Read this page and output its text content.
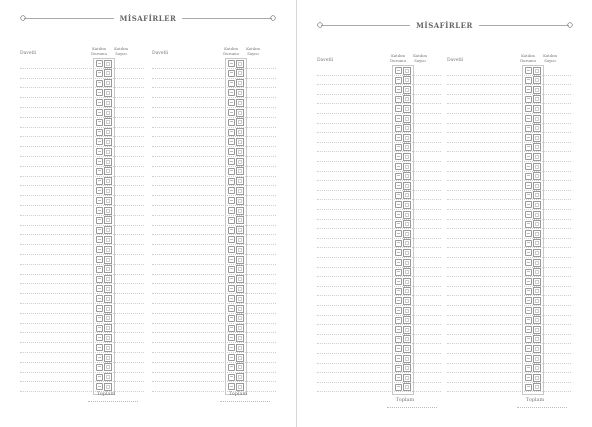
MİSAFİRLER
Davetli
Katılım Durumu
Katılım Sayısı
Toplam
Davetli
Katılım Durumu
Katılım Sayısı
Toplam
MİSAFİRLER
Davetli
Katılım Durumu
Katılım Sayısı
Toplam
Davetli
Katılım Durumu
Katılım Sayısı
Toplam
